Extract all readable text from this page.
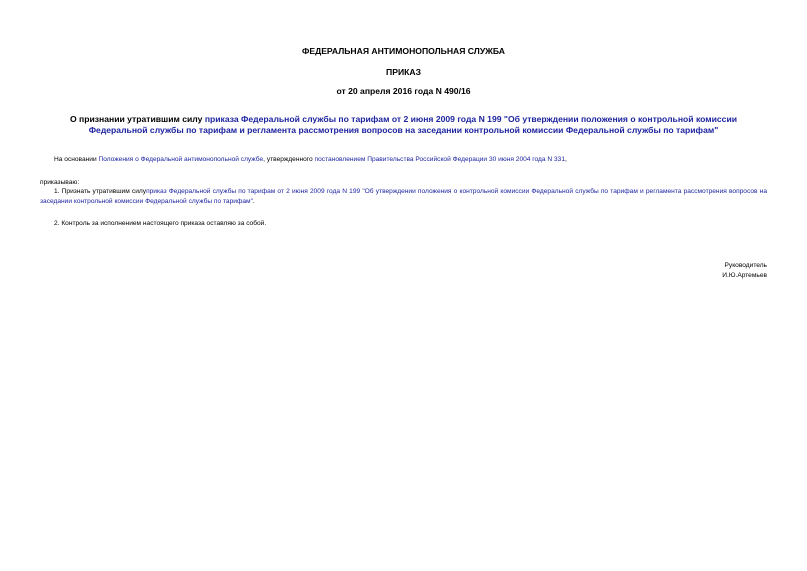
ФЕДЕРАЛЬНАЯ АНТИМОНОПОЛЬНАЯ СЛУЖБА
ПРИКАЗ
от 20 апреля 2016 года N 490/16
О признании утратившим силу приказа Федеральной службы по тарифам от 2 июня 2009 года N 199 "Об утверждении положения о контрольной комиссии Федеральной службы по тарифам и регламента рассмотрения вопросов на заседании контрольной комиссии Федеральной службы по тарифам"
На основании Положения о Федеральной антимонопольной службе, утвержденного постановлением Правительства Российской Федерации 30 июня 2004 года N 331,
приказываю:
1. Признать утратившим силуприказ Федеральной службы по тарифам от 2 июня 2009 года N 199 "Об утверждении положения о контрольной комиссии Федеральной службы по тарифам и регламента рассмотрения вопросов на заседании контрольной комиссии Федеральной службы по тарифам".
2. Контроль за исполнением настоящего приказа оставляю за собой.
Руководитель
И.Ю.Артемьев
